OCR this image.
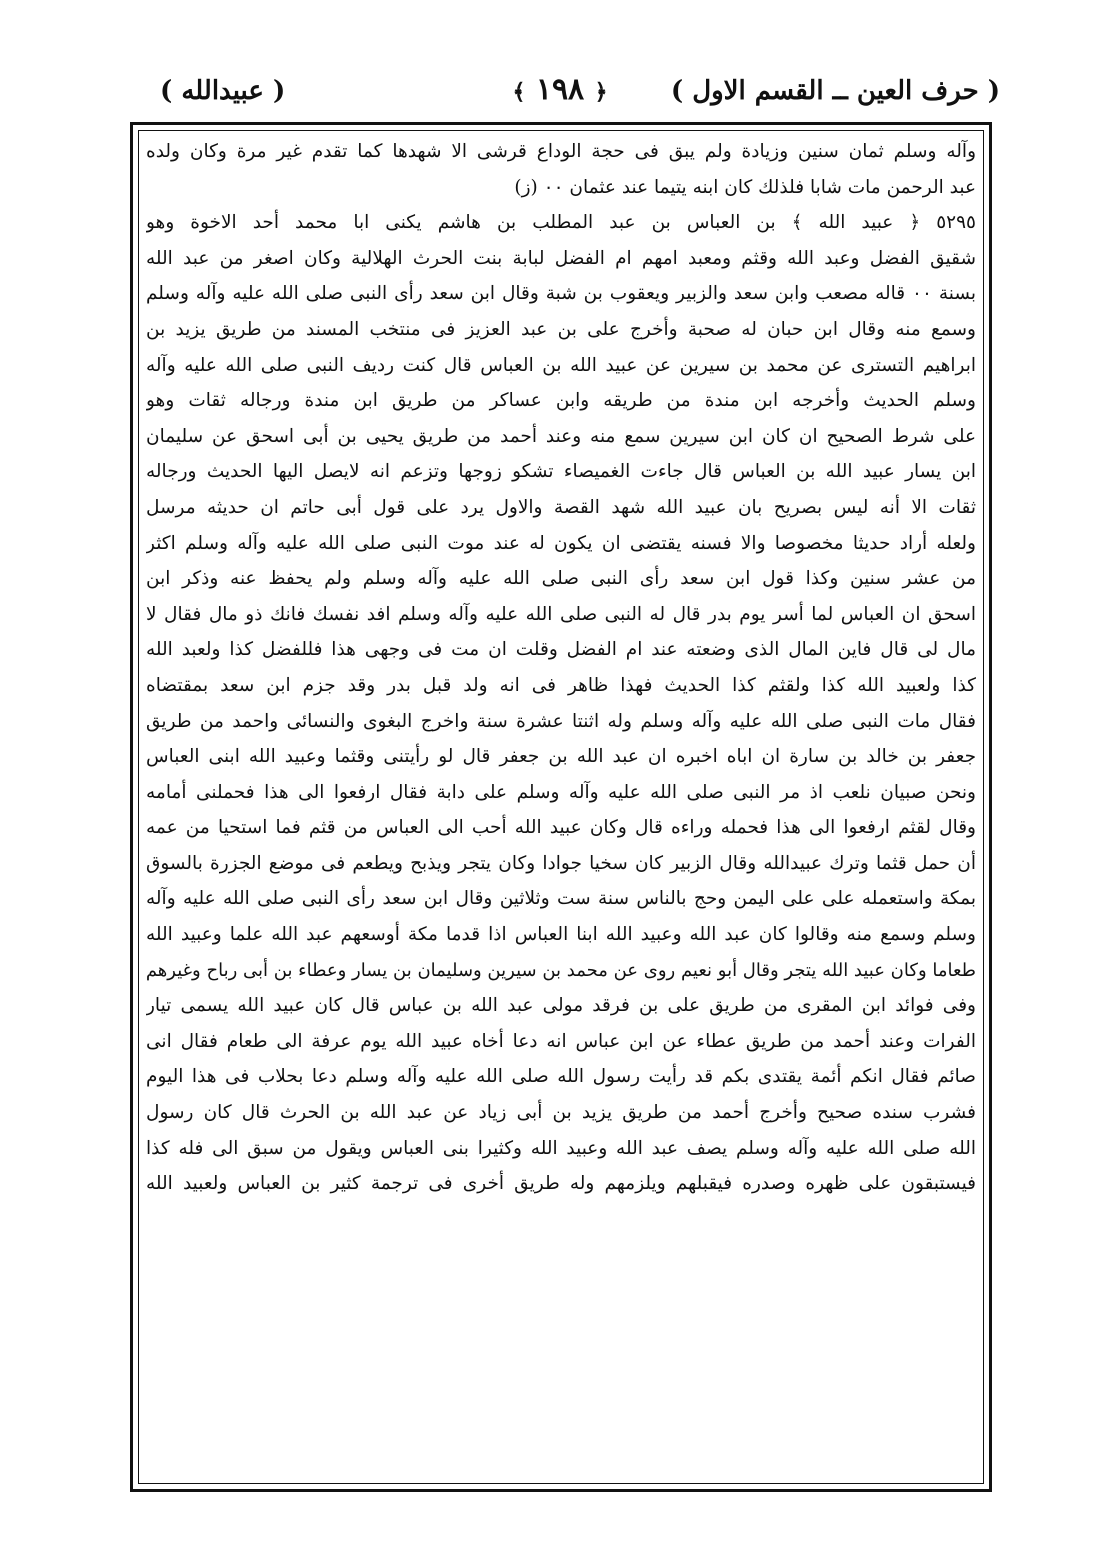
( حرف العين ــ القسم الاول )
﴿ ١٩٨ ﴾
( عبيدالله )
وآله وسلم ثمان سنين وزيادة ولم يبق فى حجة الوداع قرشى الا شهدها كما تقدم غير مرة وكان ولده
عبد الرحمن مات شابا فلذلك كان ابنه يتيما عند عثمان ٠٠ (ز)
٥٢٩٥ ﴿ عبيد الله ﴾ بن العباس بن عبد المطلب بن هاشم يكنى ابا محمد أحد الاخوة وهو
شقيق الفضل وعبد الله وقثم ومعبد امهم ام الفضل لبابة بنت الحرث الهلالية وكان اصغر من عبد الله
بسنة ٠٠ قاله مصعب وابن سعد والزبير ويعقوب بن شبة وقال ابن سعد رأى النبى صلى الله عليه وآله وسلم
وسمع منه وقال ابن حبان له صحبة وأخرج على بن عبد العزيز فى منتخب المسند من طريق يزيد بن
ابراهيم التسترى عن محمد بن سيرين عن عبيد الله بن العباس قال كنت رديف النبى صلى الله عليه وآله
وسلم الحديث وأخرجه ابن مندة من طريقه وابن عساكر من طريق ابن مندة ورجاله ثقات وهو
على شرط الصحيح ان كان ابن سيرين سمع منه وعند أحمد من طريق يحيى بن أبى اسحق عن سليمان
ابن يسار عبيد الله بن العباس قال جاءت الغميصاء تشكو زوجها وتزعم انه لايصل اليها الحديث ورجاله
ثقات الا أنه ليس بصريح بان عبيد الله شهد القصة والاول يرد على قول أبى حاتم ان حديثه مرسل
ولعله أراد حديثا مخصوصا والا فسنه يقتضى ان يكون له عند موت النبى صلى الله عليه وآله وسلم اكثر
من عشر سنين وكذا قول ابن سعد رأى النبى صلى الله عليه وآله وسلم ولم يحفظ عنه وذكر ابن
اسحق ان العباس لما أسر يوم بدر قال له النبى صلى الله عليه وآله وسلم افد نفسك فانك ذو مال فقال لا
مال لى قال فاين المال الذى وضعته عند ام الفضل وقلت ان مت فى وجهى هذا فللفضل كذا ولعبد الله
كذا ولعبيد الله كذا ولقثم كذا الحديث فهذا ظاهر فى انه ولد قبل بدر وقد جزم ابن سعد بمقتضاه
فقال مات النبى صلى الله عليه وآله وسلم وله اثنتا عشرة سنة واخرج البغوى والنسائى واحمد من طريق
جعفر بن خالد بن سارة ان اباه اخبره ان عبد الله بن جعفر قال لو رأيتنى وقثما وعبيد الله ابنى العباس
ونحن صبيان نلعب اذ مر النبى صلى الله عليه وآله وسلم على دابة فقال ارفعوا الى هذا فحملنى أمامه
وقال لقثم ارفعوا الى هذا فحمله وراءه قال وكان عبيد الله أحب الى العباس من قثم فما استحيا من عمه
أن حمل قثما وترك عبيدالله وقال الزبير كان سخيا جوادا وكان يتجر ويذبح ويطعم فى موضع الجزرة بالسوق
بمكة واستعمله على على اليمن وحج بالناس سنة ست وثلاثين وقال ابن سعد رأى النبى صلى الله عليه وآله
وسلم وسمع منه وقالوا كان عبد الله وعبيد الله ابنا العباس اذا قدما مكة أوسعهم عبد الله علما وعبيد الله
طعاما وكان عبيد الله يتجر وقال أبو نعيم روى عن محمد بن سيرين وسليمان بن يسار وعطاء بن أبى رباح وغيرهم
وفى فوائد ابن المقرى من طريق على بن فرقد مولى عبد الله بن عباس قال كان عبيد الله يسمى تيار
الفرات وعند أحمد من طريق عطاء عن ابن عباس انه دعا أخاه عبيد الله يوم عرفة الى طعام فقال انى
صائم فقال انكم أئمة يقتدى بكم قد رأيت رسول الله صلى الله عليه وآله وسلم دعا بحلاب فى هذا اليوم
فشرب سنده صحيح وأخرج أحمد من طريق يزيد بن أبى زياد عن عبد الله بن الحرث قال كان رسول
الله صلى الله عليه وآله وسلم يصف عبد الله وعبيد الله وكثيرا بنى العباس ويقول من سبق الى فله كذا
فيستبقون على ظهره وصدره فيقبلهم ويلزمهم وله طريق أخرى فى ترجمة كثير بن العباس ولعبيد الله
